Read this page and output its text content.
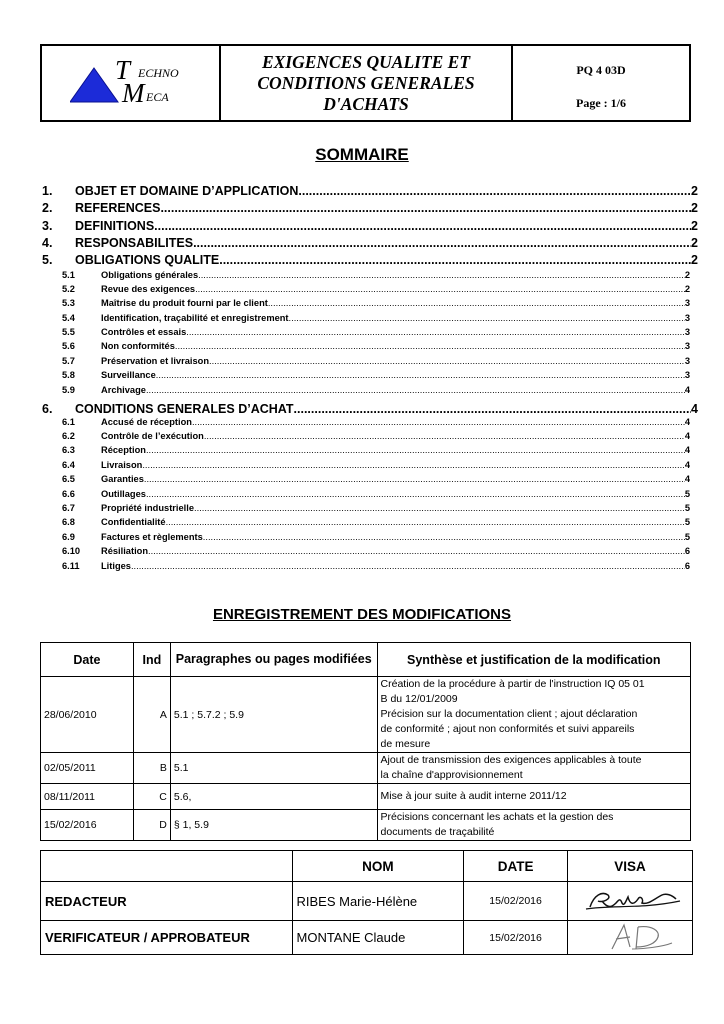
T ECHNO
M ECA
EXIGENCES QUALITE ET
CONDITIONS GENERALES
D'ACHATS
PQ 4 03D
Page : 1/6
SOMMAIRE
1.	OBJET ET DOMAINE D’APPLICATION .....	2
2.	REFERENCES .....	2
3.	DEFINITIONS .....	2
4.	RESPONSABILITES .....	2
5.	OBLIGATIONS QUALITE .....	2
5.1	Obligations générales .....	2
5.2	Revue des exigences .....	2
5.3	Maîtrise du produit fourni par le client .....	3
5.4	Identification, traçabilité et enregistrement .....	3
5.5	Contrôles et essais .....	3
5.6	Non conformités .....	3
5.7	Préservation et livraison .....	3
5.8	Surveillance .....	3
5.9	Archivage .....	4
6.	CONDITIONS GENERALES D’ACHAT .....	4
6.1	Accusé de réception .....	4
6.2	Contrôle de l’exécution .....	4
6.3	Réception .....	4
6.4	Livraison .....	4
6.5	Garanties .....	4
6.6	Outillages .....	5
6.7	Propriété industrielle .....	5
6.8	Confidentialité .....	5
6.9	Factures et règlements .....	5
6.10	Résiliation .....	6
6.11	Litiges .....	6
ENREGISTREMENT DES MODIFICATIONS
Date	Ind	Paragraphes ou pages modifiées	Synthèse et justification de la modification
28/06/2010	A	5.1 ; 5.7.2 ; 5.9	Création de la procédure à partir de l'instruction IQ 05 01
B du 12/01/2009
Précision sur la documentation client ; ajout déclaration
de conformité ; ajout non conformités et suivi appareils
de mesure

02/05/2011	B	5.1	Ajout de transmission des exigences applicables à toute
la chaîne d'approvisionnement

08/11/2011	C	5.6,	Mise à jour suite à audit interne 2011/12

15/02/2016	D	§ 1, 5.9	Précisions concernant les achats et la gestion des
documents de traçabilité
	NOM	DATE	VISA
REDACTEUR	RIBES Marie-Hélène	15/02/2016	
VERIFICATEUR / APPROBATEUR	MONTANE Claude	15/02/2016	
